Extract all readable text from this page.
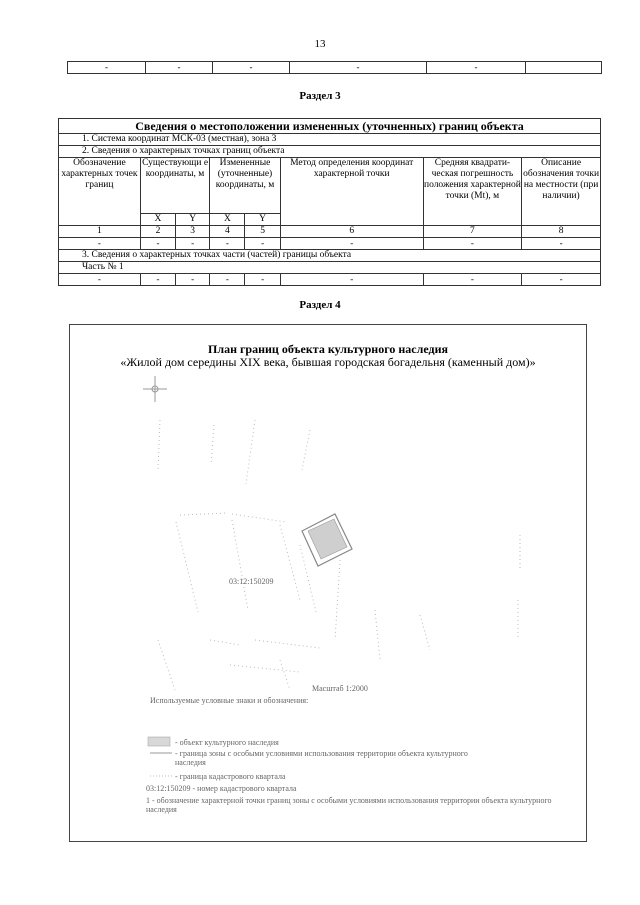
13
-	-	-	-	-	
Раздел 3
Сведения о местоположении измененных (уточненных) границ объекта							
1. Система координат МСК-03 (местная), зона 3							
2. Сведения о характерных точках границ объекта							
Обозначение характерных точек границ	Существующи е координаты, м		Измененные (уточненные) координаты, м		Метод определения координат характерной точки	Средняя квадрати-ческая погрешность положения характерной точки (Mt), м	Описание обозначения точки на местности (при наличии)
	X	Y	X	Y			
1	2	3	4	5	6	7	8
-	-	-	-	-	-	-	-
3. Сведения о характерных точках части (частей) границы объекта							
Часть № 1							
-	-	-	-	-	-	-	-
Раздел 4
План границ объекта культурного наследия
«Жилой дом середины XIX века, бывшая городская богадельня (каменный дом)»
03:12:150209
Масштаб 1:2000
Используемые условные знаки и обозначения:
- объект культурного наследия
- граница зоны с особыми условиями использования территории объекта культурного наследия
- граница кадастрового квартала
03:12:150209 - номер кадастрового квартала
1 - обозначение характерной точки границ зоны с особыми условиями использования территории объекта культурного наследия
